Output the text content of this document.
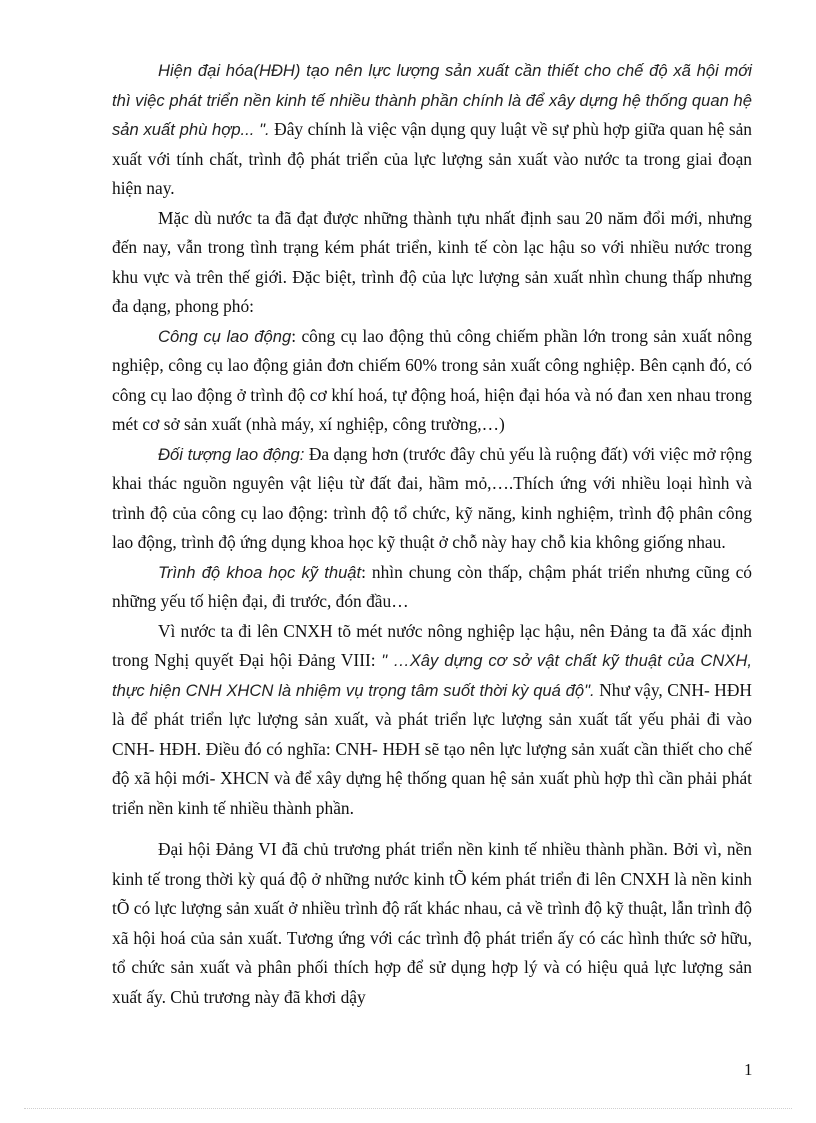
Hiện đại hóa(HĐH) tạo nên lực lượng sản xuất cần thiết cho chế độ xã hội mới thì việc phát triển nền kinh tế nhiều thành phần chính là để xây dựng hệ thống quan hệ sản xuất phù hợp... ". Đây chính là việc vận dụng quy luật về sự phù hợp giữa quan hệ sản xuất với tính chất, trình độ phát triển của lực lượng sản xuất vào nước ta trong giai đoạn hiện nay.

Mặc dù nước ta đã đạt được những thành tựu nhất định sau 20 năm đổi mới, nhưng đến nay, vẫn trong tình trạng kém phát triển, kinh tế còn lạc hậu so với nhiều nước trong khu vực và trên thế giới. Đặc biệt, trình độ của lực lượng sản xuất nhìn chung thấp nhưng đa dạng, phong phó:

Công cụ lao động: công cụ lao động thủ công chiếm phần lớn trong sản xuất nông nghiệp, công cụ lao động giản đơn chiếm 60% trong sản xuất công nghiệp. Bên cạnh đó, có công cụ lao động ở trình độ cơ khí hoá, tự động hoá, hiện đại hóa và nó đan xen nhau trong mét cơ sở sản xuất (nhà máy, xí nghiệp, công trường,…)

Đối tượng lao động: Đa dạng hơn (trước đây chủ yếu là ruộng đất) với việc mở rộng khai thác nguồn nguyên vật liệu từ đất đai, hầm mỏ,….Thích ứng với nhiều loại hình và trình độ của công cụ lao động: trình độ tổ chức, kỹ năng, kinh nghiệm, trình độ phân công lao động, trình độ ứng dụng khoa học kỹ thuật ở chỗ này hay chỗ kia không giống nhau.

Trình độ khoa học kỹ thuật: nhìn chung còn thấp, chậm phát triển nhưng cũng có những yếu tố hiện đại, đi trước, đón đầu…

Vì nước ta đi lên CNXH tõ mét nước nông nghiệp lạc hậu, nên Đảng ta đã xác định trong Nghị quyết Đại hội Đảng VIII: " …Xây dựng cơ sở vật chất kỹ thuật của CNXH, thực hiện CNH XHCN là nhiệm vụ trọng tâm suốt thời kỳ quá độ". Như vậy, CNH- HĐH là để phát triển lực lượng sản xuất, và phát triển lực lượng sản xuất tất yếu phải đi vào CNH- HĐH. Điều đó có nghĩa: CNH- HĐH sẽ tạo nên lực lượng sản xuất cần thiết cho chế độ xã hội mới- XHCN và để xây dựng hệ thống quan hệ sản xuất phù hợp thì cần phải phát triển nền kinh tế nhiều thành phần.

Đại hội Đảng VI đã chủ trương phát triển nền kinh tế nhiều thành phần. Bởi vì, nền kinh tế trong thời kỳ quá độ ở những nước kinh tÕ kém phát triển đi lên CNXH là nền kinh tÕ có lực lượng sản xuất ở nhiều trình độ rất khác nhau, cả về trình độ kỹ thuật, lẫn trình độ xã hội hoá của sản xuất. Tương ứng với các trình độ phát triển ấy có các hình thức sở hữu, tổ chức sản xuất và phân phối thích hợp để sử dụng hợp lý và có hiệu quả lực lượng sản xuất ấy. Chủ trương này đã khơi dậy

1
